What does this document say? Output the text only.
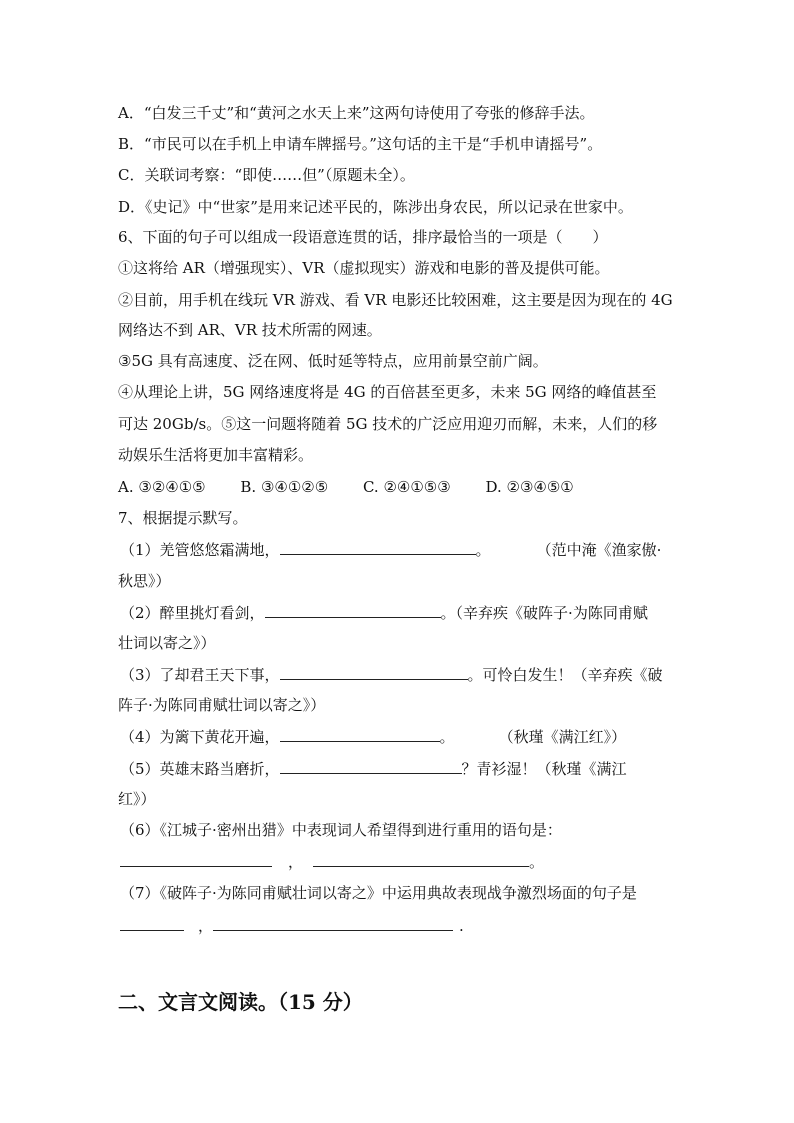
A．“白发三千丈”和“黄河之水天上来”这两句诗使用了夸张的修辞手法。
B．“市民可以在手机上申请车牌摇号。”这句话的主干是“手机申请摇号”。
C．关联词考察：“即使……但”（原题未全）。
D．《史记》中“世家”是用来记述平民的，陈涉出身农民，所以记录在世家中。
6、下面的句子可以组成一段语意连贯的话，排序最恰当的一项是（　　）
①这将给 AR（增强现实）、VR（虚拟现实）游戏和电影的普及提供可能。
②目前，用手机在线玩 VR 游戏、看 VR 电影还比较困难，这主要是因为现在的 4G
网络达不到 AR、VR 技术所需的网速。
③5G 具有高速度、泛在网、低时延等特点，应用前景空前广阔。
④从理论上讲，5G 网络速度将是 4G 的百倍甚至更多，未来 5G 网络的峰值甚至
可达 20Gb/s。⑤这一问题将随着 5G 技术的广泛应用迎刃而解，未来，人们的移
动娱乐生活将更加丰富精彩。
A. ③②④①⑤ B. ③④①②⑤ C. ②④①⑤③ D. ②③④⑤①
7、根据提示默写。
（1）羌管悠悠霜满地，	。	（范中淹《渔家傲·
秋思》）
（2）醉里挑灯看剑，	。（辛弃疾《破阵子·为陈同甫赋
壮词以寄之》）
（3）了却君王天下事，	。可怜白发生！（辛弃疾《破
阵子·为陈同甫赋壮词以寄之》）
（4）为篱下黄花开遍，	。	（秋瑾《满江红》）
（5）英雄末路当磨折，	？青衫湿！（秋瑾《满江
红》）
（6）《江城子·密州出猎》中表现词人希望得到进行重用的语句是：
，	。
（7）《破阵子·为陈同甫赋壮词以寄之》中运用典故表现战争激烈场面的句子是
，	.
二、文言文阅读。（15 分）
